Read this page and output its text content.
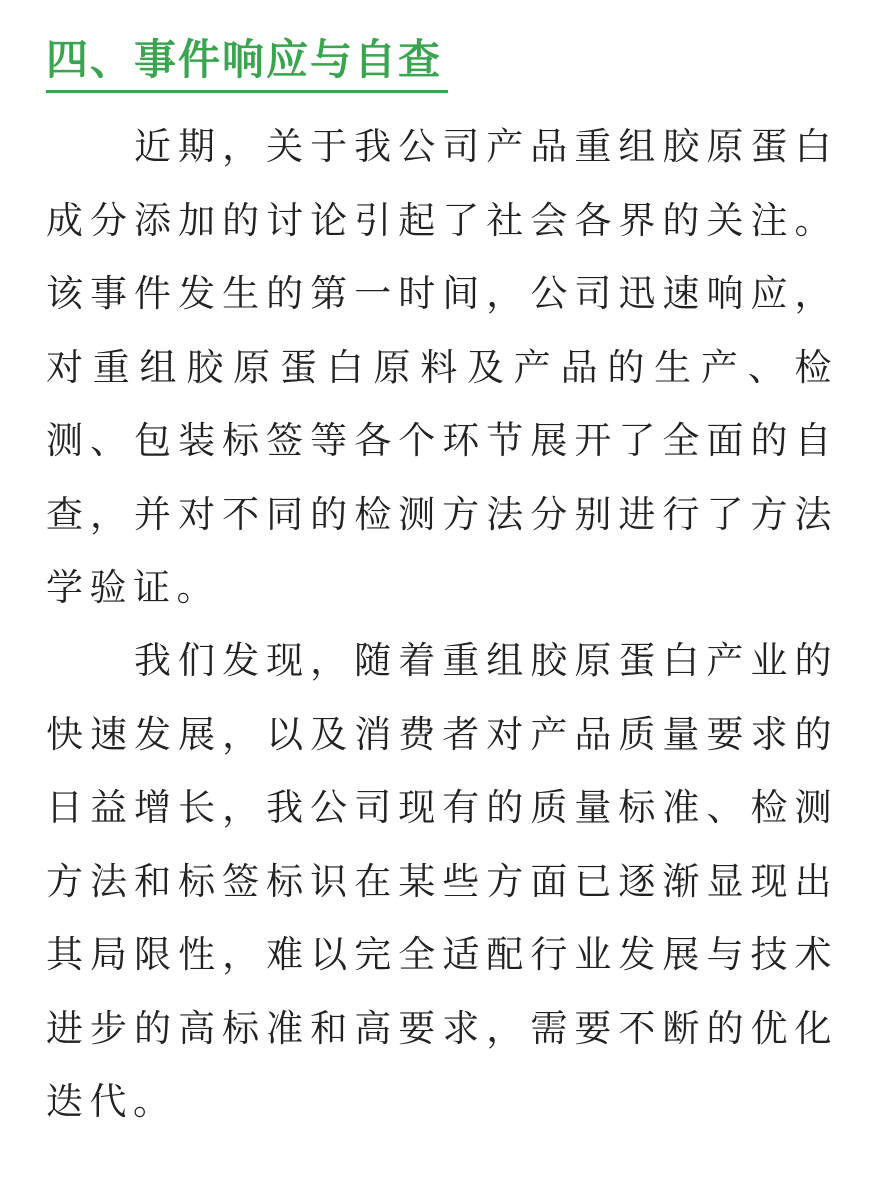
四、事件响应与自查

近期，关于我公司产品重组胶原蛋白成分添加的讨论引起了社会各界的关注。该事件发生的第一时间，公司迅速响应，对重组胶原蛋白原料及产品的生产、检测、包装标签等各个环节展开了全面的自查，并对不同的检测方法分别进行了方法学验证。

我们发现，随着重组胶原蛋白产业的快速发展，以及消费者对产品质量要求的日益增长，我公司现有的质量标准、检测方法和标签标识在某些方面已逐渐显现出其局限性，难以完全适配行业发展与技术进步的高标准和高要求，需要不断的优化迭代。
